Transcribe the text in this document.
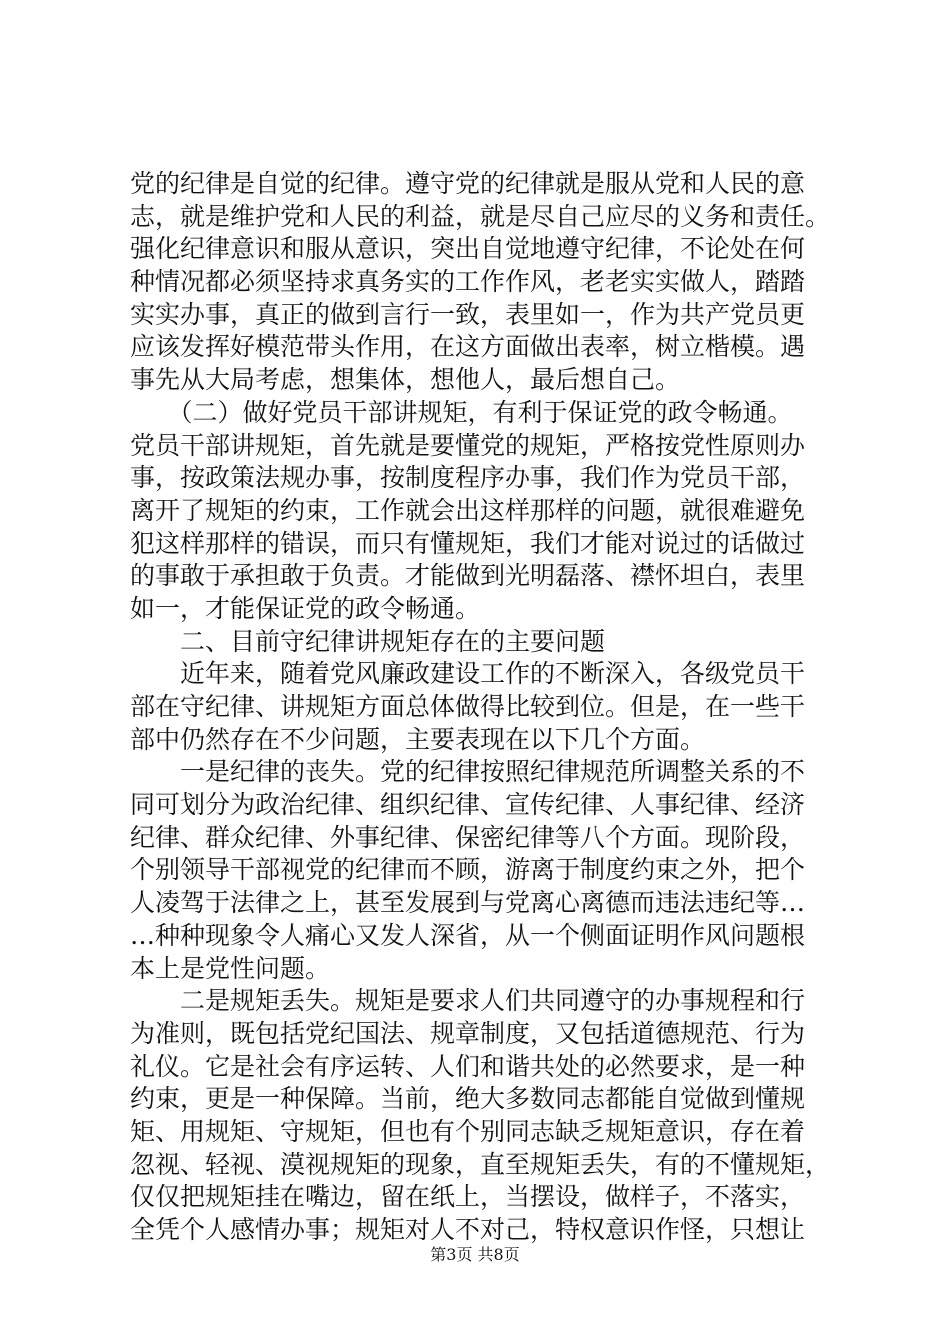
党的纪律是自觉的纪律。遵守党的纪律就是服从党和人民的意
志，就是维护党和人民的利益，就是尽自己应尽的义务和责任。
强化纪律意识和服从意识，突出自觉地遵守纪律，不论处在何
种情况都必须坚持求真务实的工作作风，老老实实做人，踏踏
实实办事，真正的做到言行一致，表里如一，作为共产党员更
应该发挥好模范带头作用，在这方面做出表率，树立楷模。遇
事先从大局考虑，想集体，想他人，最后想自己。
　　（二）做好党员干部讲规矩，有利于保证党的政令畅通。
党员干部讲规矩，首先就是要懂党的规矩，严格按党性原则办
事，按政策法规办事，按制度程序办事，我们作为党员干部，
离开了规矩的约束，工作就会出这样那样的问题，就很难避免
犯这样那样的错误，而只有懂规矩，我们才能对说过的话做过
的事敢于承担敢于负责。才能做到光明磊落、襟怀坦白，表里
如一，才能保证党的政令畅通。
　　二、目前守纪律讲规矩存在的主要问题
　　近年来，随着党风廉政建设工作的不断深入，各级党员干
部在守纪律、讲规矩方面总体做得比较到位。但是，在一些干
部中仍然存在不少问题，主要表现在以下几个方面。
　　一是纪律的丧失。党的纪律按照纪律规范所调整关系的不
同可划分为政治纪律、组织纪律、宣传纪律、人事纪律、经济
纪律、群众纪律、外事纪律、保密纪律等八个方面。现阶段，
个别领导干部视党的纪律而不顾，游离于制度约束之外，把个
人凌驾于法律之上，甚至发展到与党离心离德而违法违纪等…
…种种现象令人痛心又发人深省，从一个侧面证明作风问题根
本上是党性问题。
　　二是规矩丢失。规矩是要求人们共同遵守的办事规程和行
为准则，既包括党纪国法、规章制度，又包括道德规范、行为
礼仪。它是社会有序运转、人们和谐共处的必然要求，是一种
约束，更是一种保障。当前，绝大多数同志都能自觉做到懂规
矩、用规矩、守规矩，但也有个别同志缺乏规矩意识，存在着
忽视、轻视、漠视规矩的现象，直至规矩丢失，有的不懂规矩，
仅仅把规矩挂在嘴边，留在纸上，当摆设，做样子，不落实，
全凭个人感情办事；规矩对人不对己，特权意识作怪，只想让
第3页 共8页
